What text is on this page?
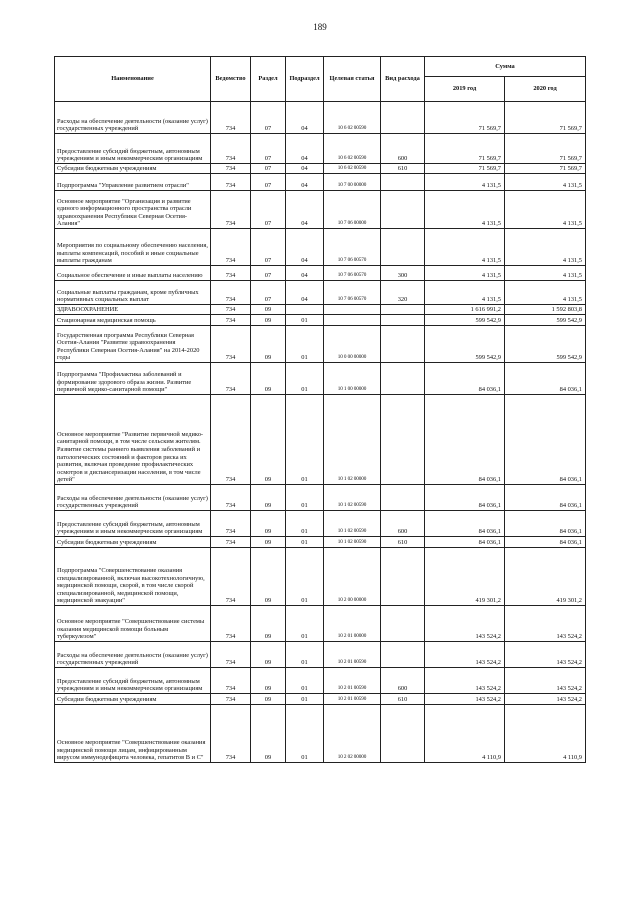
189
Наименование	Ведомство	Раздел	Подраздел	Целевая статья	Вид расхода	Сумма	
						2019 год	2020 год
Расходы на обеспечение деятельности (оказание услуг) государственных учреждений	734	07	04	10 6 02 00590		71 569,7	71 569,7
Предоставление субсидий бюджетным, автономным учреждениям и иным некоммерческим организациям	734	07	04	10 6 02 00590	600	71 569,7	71 569,7
Субсидии бюджетным учреждениям	734	07	04	10 6 02 00590	610	71 569,7	71 569,7
Подпрограмма "Управление развитием отрасли"	734	07	04	10 7 00 00000		4 131,5	4 131,5
Основное мероприятие "Организация и развитие единого информационного пространства отрасли здравоохранения Республики Северная Осетия-Алания"	734	07	04	10 7 06 00000		4 131,5	4 131,5
Мероприятия по социальному обеспечению населения, выплаты компенсаций, пособий и иные социальные выплаты гражданам	734	07	04	10 7 06 00570		4 131,5	4 131,5
Социальное обеспечение и иные выплаты населению	734	07	04	10 7 06 00570	300	4 131,5	4 131,5
Социальные выплаты гражданам, кроме публичных нормативных социальных выплат	734	07	04	10 7 06 00570	320	4 131,5	4 131,5
ЗДРАВООХРАНЕНИЕ	734	09				1 616 991,2	1 592 803,8
Стационарная медицинская помощь	734	09	01			599 542,9	599 542,9
Государственная программа Республики Северная Осетия-Алания "Развитие здравоохранения Республики Северная Осетия-Алания" на 2014-2020 годы	734	09	01	10 0 00 00000		599 542,9	599 542,9
Подпрограмма "Профилактика заболеваний и формирование здорового образа жизни. Развитие первичной медико-санитарной помощи"	734	09	01	10 1 00 00000		84 036,1	84 036,1
Основное мероприятие "Развитие первичной медико-санитарной помощи, в том числе сельским жителям. Развитие системы раннего выявления заболеваний и патологических состояний и факторов риска их развития, включая проведение профилактических осмотров и диспансеризации населения, в том числе детей"	734	09	01	10 1 02 00000		84 036,1	84 036,1
Расходы на обеспечение деятельности (оказание услуг) государственных учреждений	734	09	01	10 1 02 00590		84 036,1	84 036,1
Предоставление субсидий бюджетным, автономным учреждениям и иным некоммерческим организациям	734	09	01	10 1 02 00590	600	84 036,1	84 036,1
Субсидии бюджетным учреждениям	734	09	01	10 1 02 00590	610	84 036,1	84 036,1
Подпрограмма "Совершенствование оказания специализированной, включая высокотехнологичную, медицинской помощи, скорой, в том числе скорой специализированной, медицинской помощи, медицинской эвакуации"	734	09	01	10 2 00 00000		419 301,2	419 301,2
Основное мероприятие "Совершенствование системы оказания медицинской помощи больным туберкулезом"	734	09	01	10 2 01 00000		143 524,2	143 524,2
Расходы на обеспечение деятельности (оказание услуг) государственных учреждений	734	09	01	10 2 01 00590		143 524,2	143 524,2
Предоставление субсидий бюджетным, автономным учреждениям и иным некоммерческим организациям	734	09	01	10 2 01 00590	600	143 524,2	143 524,2
Субсидии бюджетным учреждениям	734	09	01	10 2 01 00590	610	143 524,2	143 524,2
Основное мероприятие "Совершенствование оказания медицинской помощи лицам, инфицированным вирусом иммунодефицита человека, гепатитов В и С"	734	09	01	10 2 02 00000		4 110,9	4 110,9
